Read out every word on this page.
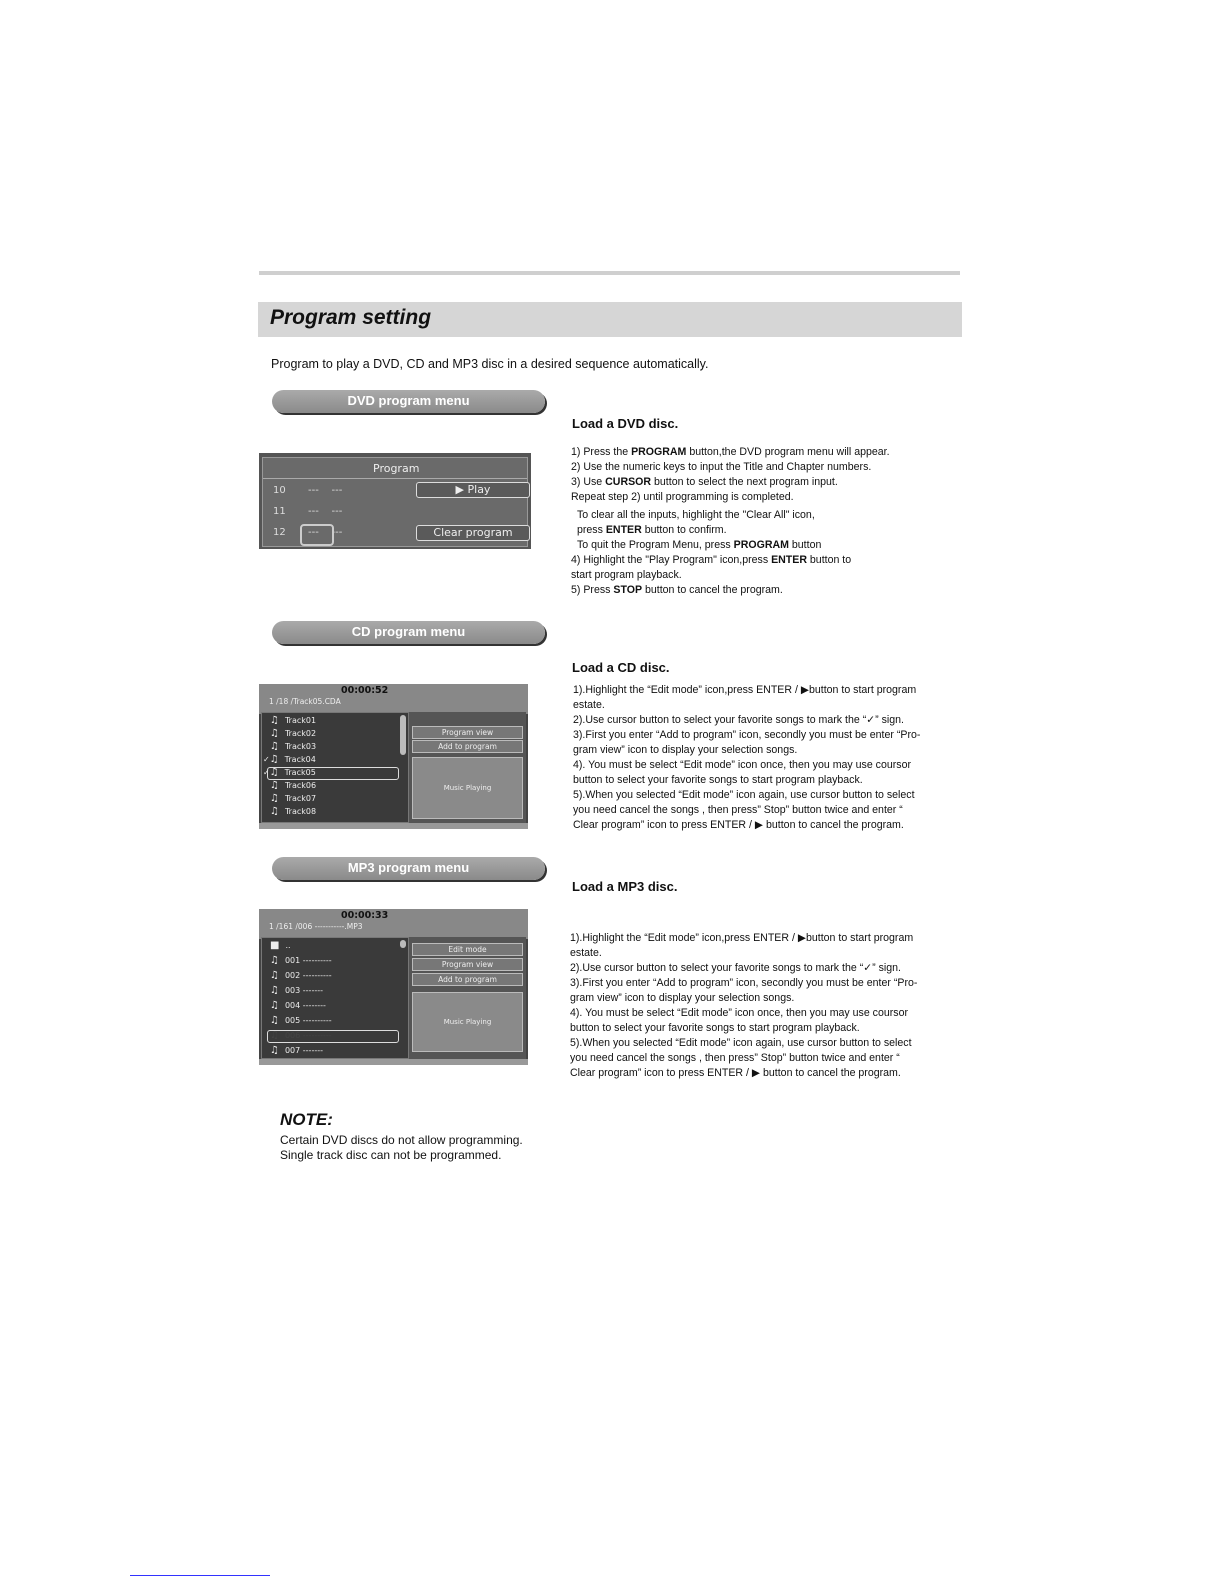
Program setting
Program to play a DVD, CD and MP3 disc in a desired sequence automatically.
DVD program menu
Load a DVD disc.
Program
10 --- ---
11 --- ---
12 --- ---
▶ Play
Clear program
1) Press the PROGRAM button,the DVD program menu will appear.
2) Use the numeric keys to input the Title and Chapter numbers.
3) Use CURSOR button to select the next program input.
Repeat step 2) until programming is completed.
To clear all the inputs, highlight the "Clear All" icon,
press ENTER button to confirm.
To quit the Program Menu, press PROGRAM button
4) Highlight the "Play Program" icon,press ENTER button to
start program playback.
5) Press STOP button to cancel the program.
CD program menu
Load a CD disc.
00:00:52
1 /18 /Track05.CDA
♫ Track01
♫ Track02
♫ Track03
✓♫ Track04
✓♫ Track05
♫ Track06
♫ Track07
♫ Track08
Program view
Add to program
Music Playing
1).Highlight the “Edit mode” icon,press ENTER / ▶button to start program
estate.
2).Use cursor button to select your favorite songs to mark the “✓” sign.
3).First you enter “Add to program” icon, secondly you must be enter “Pro-
gram view” icon to display your selection songs.
4). You must be select “Edit mode” icon once, then you may use coursor
button to select your favorite songs to start program playback.
5).When you selected “Edit mode” icon again, use cursor button to select
you need cancel the songs , then press” Stop” button twice and enter “
Clear program” icon to press ENTER / ▶ button to cancel the program.
MP3 program menu
Load a MP3 disc.
00:00:33
1 /161 /006 -----------.MP3
■ ..
♫ 001 ----------
♫ 002 ----------
♫ 003 -------
♫ 004 --------
♫ 005 ----------
♫ 006 ----------
♫ 007 -------
Edit mode
Program view
Add to program
Music Playing
1).Highlight the “Edit mode” icon,press ENTER / ▶button to start program
estate.
2).Use cursor button to select your favorite songs to mark the “✓” sign.
3).First you enter “Add to program” icon, secondly you must be enter “Pro-
gram view” icon to display your selection songs.
4). You must be select “Edit mode” icon once, then you may use coursor
button to select your favorite songs to start program playback.
5).When you selected “Edit mode” icon again, use cursor button to select
you need cancel the songs , then press” Stop” button twice and enter “
Clear program” icon to press ENTER / ▶ button to cancel the program.
NOTE:
Certain DVD discs do not allow programming.
Single track disc can not be programmed.
